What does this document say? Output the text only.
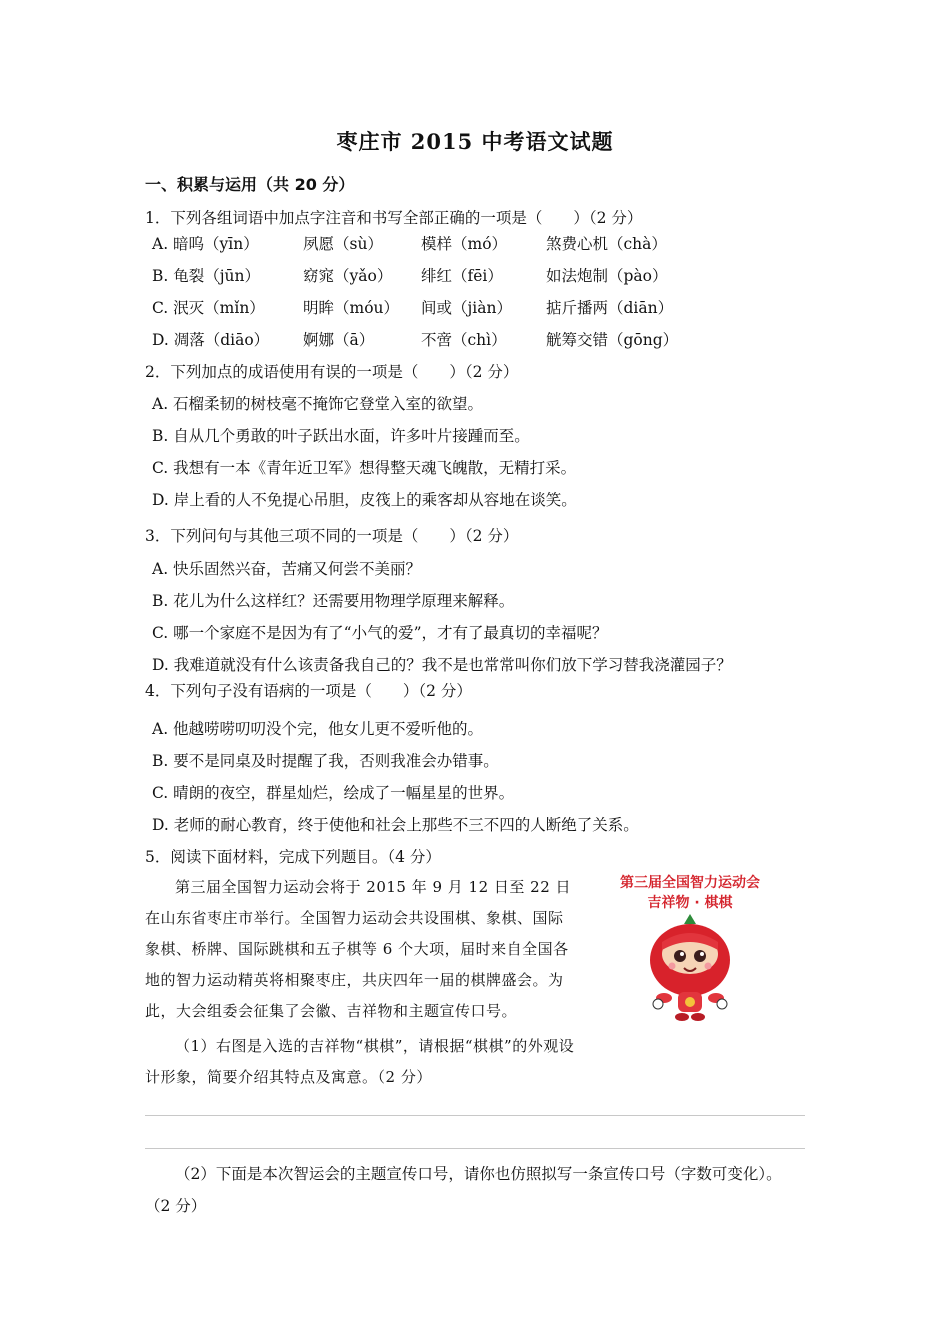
枣庄市 2015 中考语文试题
一、积累与运用（共 20 分）
1．下列各组词语中加点字注音和书写全部正确的一项是（　　）（2 分）
A. 暗呜（yīn）	夙愿（sù） 模样（mó）	煞费心机（chà）
B. 龟裂（jūn）	窈窕（yǎo） 绯红（fēi）	如法炮制（pào）
C. 泯灭（mǐn） 明眸（móu） 间或（jiàn） 掂斤播两（diān）
D. 凋落（diāo） 婀娜（ā）	不啻（chì）	觥筹交错（gōng）
2．下列加点的成语使用有误的一项是（　　）（2 分）
A. 石榴柔韧的树枝毫不掩饰它登堂入室的欲望。
B. 自从几个勇敢的叶子跃出水面，许多叶片接踵而至。
C. 我想有一本《青年近卫军》想得整天魂飞魄散，无精打采。
D. 岸上看的人不免提心吊胆，皮筏上的乘客却从容地在谈笑。
3．下列问句与其他三项不同的一项是（　　）（2 分）
A. 快乐固然兴奋，苦痛又何尝不美丽？
B. 花儿为什么这样红？还需要用物理学原理来解释。
C. 哪一个家庭不是因为有了“小气的爱”，才有了最真切的幸福呢？
D. 我难道就没有什么该责备我自己的？我不是也常常叫你们放下学习替我浇灌园子？
4．下列句子没有语病的一项是（　　）（2 分）
A. 他越唠唠叨叨没个完，他女儿更不爱听他的。
B. 要不是同桌及时提醒了我，否则我准会办错事。
C. 晴朗的夜空，群星灿烂，绘成了一幅星星的世界。
D. 老师的耐心教育，终于使他和社会上那些不三不四的人断绝了关系。
5．阅读下面材料，完成下列题目。（4 分）
第三届全国智力运动会将于 2015 年 9 月 12 日至 22 日在山东省枣庄市举行。全国智力运动会共设围棋、象棋、国际象棋、桥牌、国际跳棋和五子棋等 6 个大项，届时来自全国各地的智力运动精英将相聚枣庄，共庆四年一届的棋牌盛会。为此，大会组委会征集了会徽、吉祥物和主题宣传口号。
（1）右图是入选的吉祥物“棋棋”，请根据“棋棋”的外观设计形象，简要介绍其特点及寓意。（2 分）
第三届全国智力运动会
吉祥物 · 棋棋
（2）下面是本次智运会的主题宣传口号，请你也仿照拟写一条宣传口号（字数可变化）。
（2 分）
